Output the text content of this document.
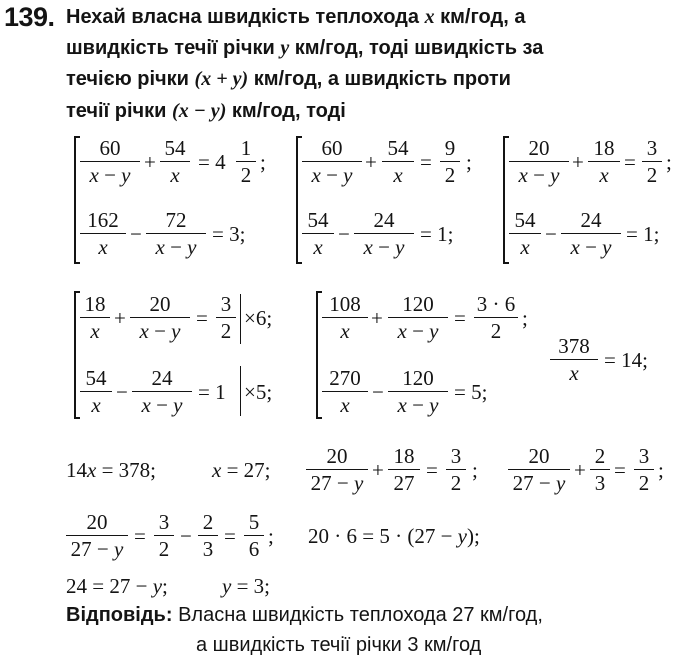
139. Нехай власна швидкість теплохода x км/год, а
швидкість течії річки y км/год, тоді швидкість за
течією річки (x + y) км/год, а швидкість проти
течії річки (x − y) км/год, тоді
60
x − y
+
54
x
= 4
1
2
;
162
x
−
72
x − y
= 3;
60
x − y
+
54
x
=
9
2
;
54
x
−
24
x − y
= 1;
20
x − y
+
18
x
=
3
2
;
54
x
−
24
x − y
= 1;
18
x
+
20
x − y
=
3
2
×6;
54
x
−
24
x − y
= 1 ×5;
108
x
+
120
x − y
=
3 · 6
2
;
270
x
−
120
x − y
= 5;
378
x
= 14;
14x = 378;	x = 27;
20
27 − y
+
18
27
=
3
2
;
20
27 − y
+
2
3
=
3
2
;
20
27 − y
=
3
2
−
2
3
=
5
6
; 20 · 6 = 5 · (27 − y);
24 = 27 − y;	y = 3;
Відповідь: Власна швидкість теплохода 27 км/год,
а швидкість течії річки 3 км/год
